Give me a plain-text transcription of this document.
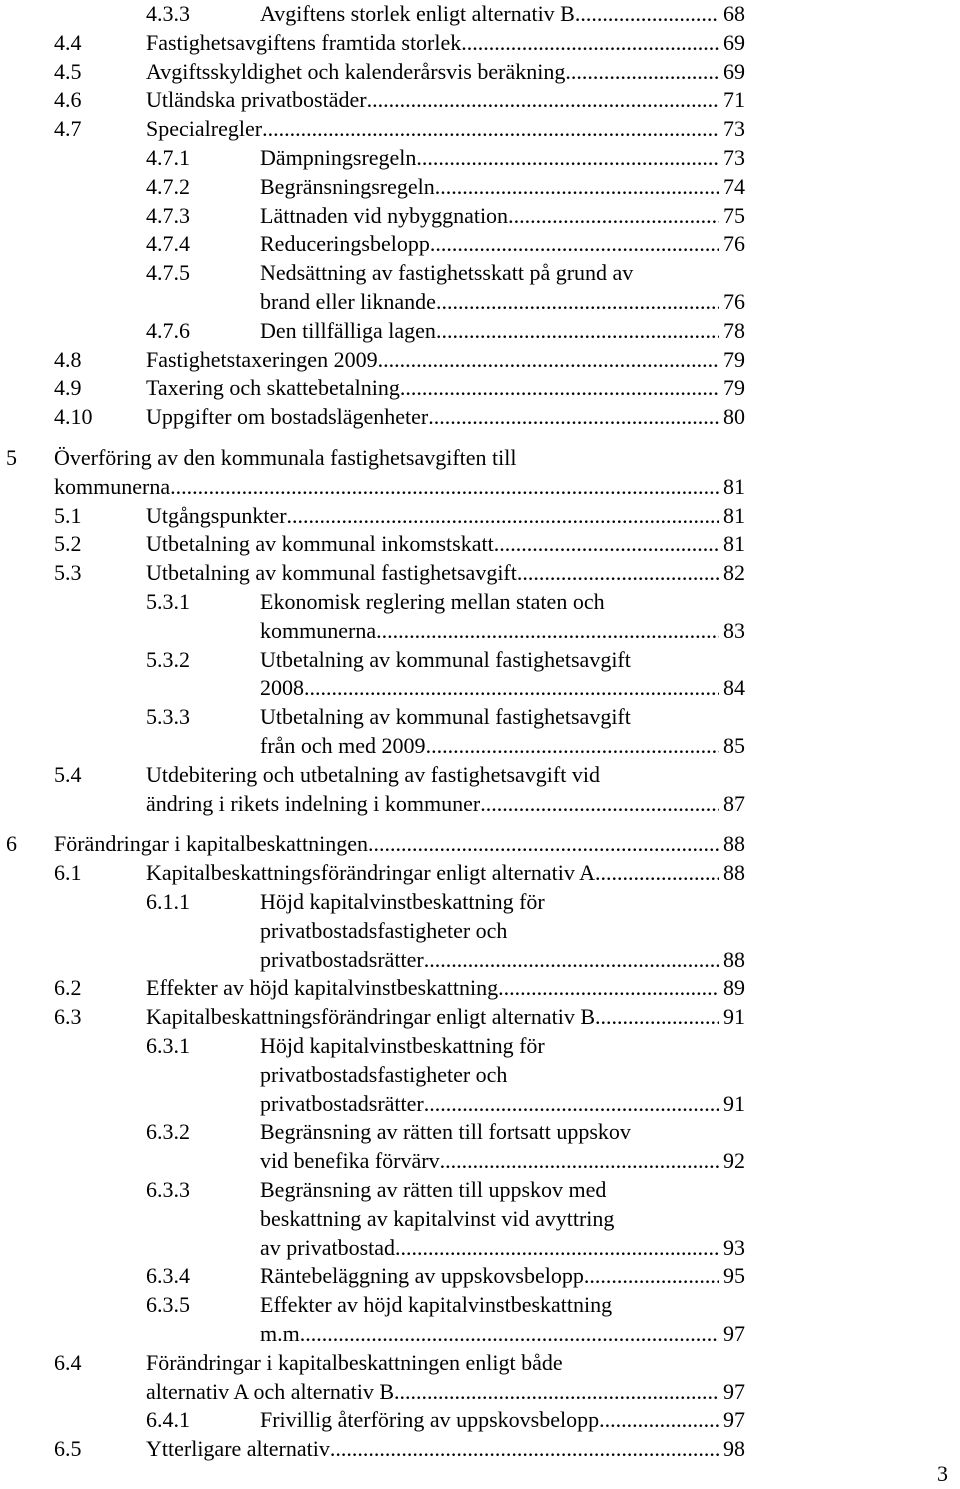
4.3.3	Avgiftens storlek enligt alternativ B .....	68
4.4	Fastighetsavgiftens framtida storlek .....	69
4.5	Avgiftsskyldighet och kalenderårsvis beräkning .....	69
4.6	Utländska privatbostäder .....	71
4.7	Specialregler .....	73
4.7.1	Dämpningsregeln .....	73
4.7.2	Begränsningsregeln .....	74
4.7.3	Lättnaden vid nybyggnation .....	75
4.7.4	Reduceringsbelopp .....	76
4.7.5	Nedsättning av fastighetsskatt på grund av
brand eller liknande .....	76
4.7.6	Den tillfälliga lagen .....	78
4.8	Fastighetstaxeringen 2009 .....	79
4.9	Taxering och skattebetalning .....	79
4.10 Uppgifter om bostadslägenheter .....	80
5 Överföring av den kommunala fastighetsavgiften till
kommunerna .....	81
5.1	Utgångspunkter .....	81
5.2	Utbetalning av kommunal inkomstskatt .....	81
5.3	Utbetalning av kommunal fastighetsavgift .....	82
5.3.1	Ekonomisk reglering mellan staten och
kommunerna .....	83
5.3.2	Utbetalning av kommunal fastighetsavgift
2008 .....	84
5.3.3	Utbetalning av kommunal fastighetsavgift
från och med 2009 .....	85
5.4	Utdebitering och utbetalning av fastighetsavgift vid
ändring i rikets indelning i kommuner .....	87
6 Förändringar i kapitalbeskattningen .....	88
6.1	Kapitalbeskattningsförändringar enligt alternativ A .....	88
6.1.1	Höjd kapitalvinstbeskattning för
privatbostadsfastigheter och
privatbostadsrätter .....	88
6.2	Effekter av höjd kapitalvinstbeskattning .....	89
6.3	Kapitalbeskattningsförändringar enligt alternativ B .....	91
6.3.1	Höjd kapitalvinstbeskattning för
privatbostadsfastigheter och
privatbostadsrätter .....	91
6.3.2	Begränsning av rätten till fortsatt uppskov
vid benefika förvärv .....	92
6.3.3	Begränsning av rätten till uppskov med
beskattning av kapitalvinst vid avyttring
av privatbostad .....	93
6.3.4	Räntebeläggning av uppskovsbelopp .....	95
6.3.5	Effekter av höjd kapitalvinstbeskattning
m.m. .....	97
6.4	Förändringar i kapitalbeskattningen enligt både
alternativ A och alternativ B .....	97
6.4.1	Frivillig återföring av uppskovsbelopp .....	97
6.5	Ytterligare alternativ .....	98
3
